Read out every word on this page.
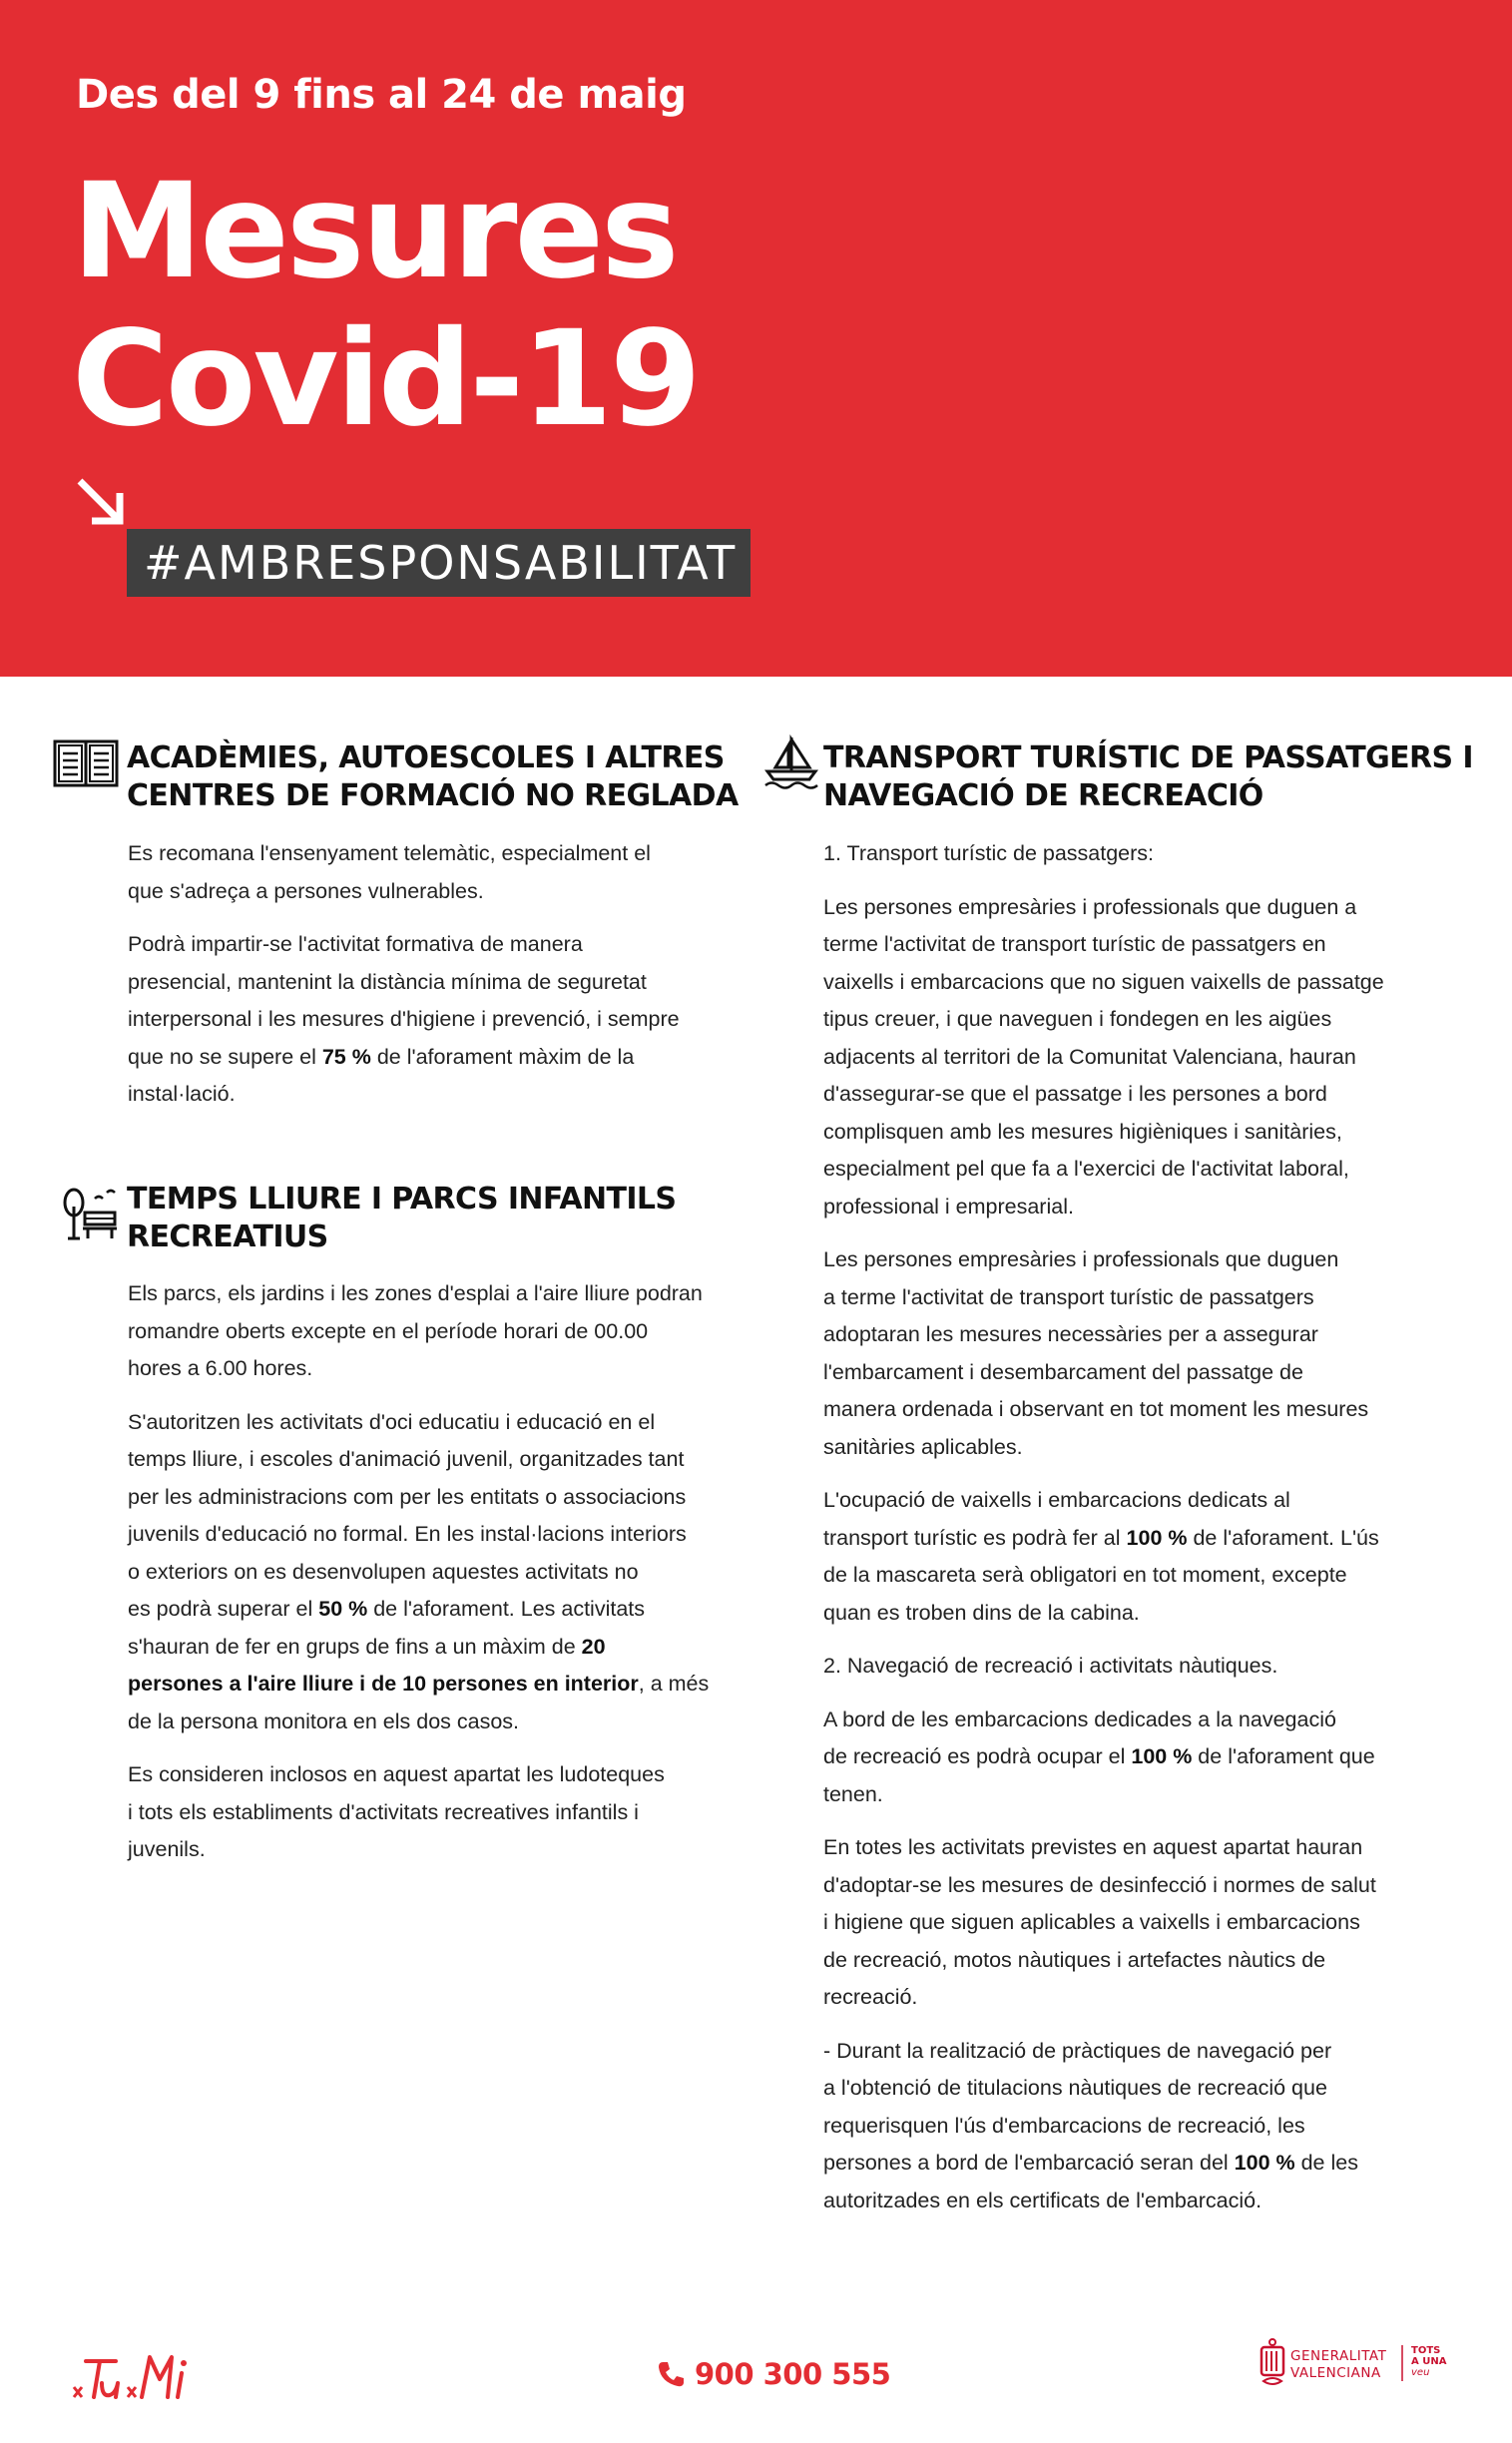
Des del 9 fins al 24 de maig
Mesures
Covid-19
#AMBRESPONSABILITAT
ACADÈMIES, AUTOESCOLES I ALTRES
CENTRES DE FORMACIÓ NO REGLADA

Es recomana l'ensenyament telemàtic, especialment el
que s'adreça a persones vulnerables.

Podrà impartir-se l'activitat formativa de manera
presencial, mantenint la distància mínima de seguretat
interpersonal i les mesures d'higiene i prevenció, i sempre
que no se supere el 75 % de l'aforament màxim de la
instal·lació.

TEMPS LLIURE I PARCS INFANTILS
RECREATIUS

Els parcs, els jardins i les zones d'esplai a l'aire lliure podran
romandre oberts excepte en el període horari de 00.00
hores a 6.00 hores.

S'autoritzen les activitats d'oci educatiu i educació en el
temps lliure, i escoles d'animació juvenil, organitzades tant
per les administracions com per les entitats o associacions
juvenils d'educació no formal. En les instal·lacions interiors
o exteriors on es desenvolupen aquestes activitats no
es podrà superar el 50 % de l'aforament. Les activitats
s'hauran de fer en grups de fins a un màxim de 20
persones a l'aire lliure i de 10 persones en interior, a més
de la persona monitora en els dos casos.

Es consideren inclosos en aquest apartat les ludoteques
i tots els establiments d'activitats recreatives infantils i
juvenils.

TRANSPORT TURÍSTIC DE PASSATGERS I
NAVEGACIÓ DE RECREACIÓ

1. Transport turístic de passatgers:

Les persones empresàries i professionals que duguen a
terme l'activitat de transport turístic de passatgers en
vaixells i embarcacions que no siguen vaixells de passatge
tipus creuer, i que naveguen i fondegen en les aigües
adjacents al territori de la Comunitat Valenciana, hauran
d'assegurar-se que el passatge i les persones a bord
complisquen amb les mesures higièniques i sanitàries,
especialment pel que fa a l'exercici de l'activitat laboral,
professional i empresarial.

Les persones empresàries i professionals que duguen
a terme l'activitat de transport turístic de passatgers
adoptaran les mesures necessàries per a assegurar
l'embarcament i desembarcament del passatge de
manera ordenada i observant en tot moment les mesures
sanitàries aplicables.

L'ocupació de vaixells i embarcacions dedicats al
transport turístic es podrà fer al 100 % de l'aforament. L'ús
de la mascareta serà obligatori en tot moment, excepte
quan es troben dins de la cabina.

2. Navegació de recreació i activitats nàutiques.

A bord de les embarcacions dedicades a la navegació
de recreació es podrà ocupar el 100 % de l'aforament que
tenen.

En totes les activitats previstes en aquest apartat hauran
d'adoptar-se les mesures de desinfecció i normes de salut
i higiene que siguen aplicables a vaixells i embarcacions
de recreació, motos nàutiques i artefactes nàutics de
recreació.

- Durant la realització de pràctiques de navegació per
a l'obtenció de titulacions nàutiques de recreació que
requerisquen l'ús d'embarcacions de recreació, les
persones a bord de l'embarcació seran del 100 % de les
autoritzades en els certificats de l'embarcació.

900 300 555
GENERALITAT
VALENCIANA
TOTS
A UNA
veu
